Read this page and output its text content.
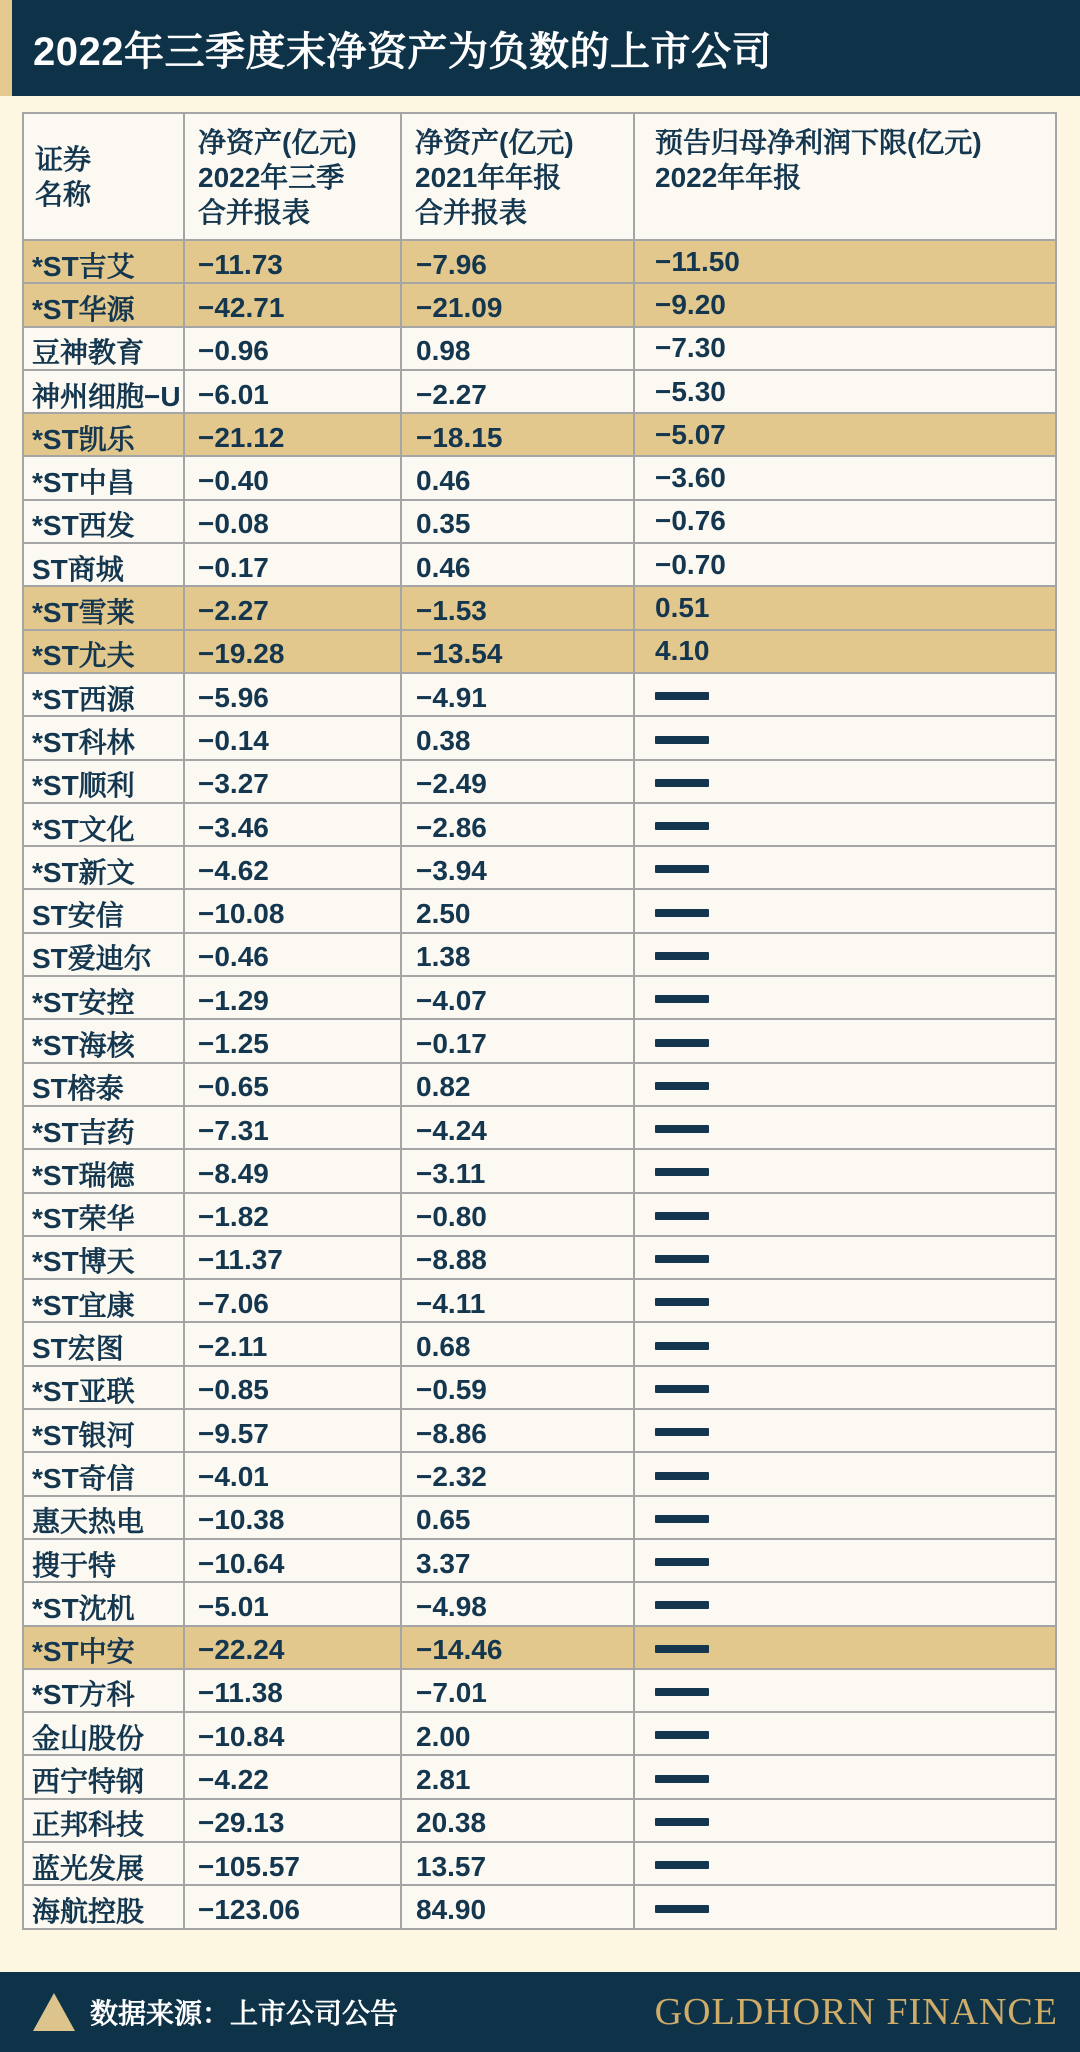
2022年三季度末净资产为负数的上市公司
证券
名称

净资产(亿元)
2022年三季
合并报表

净资产(亿元)
2021年年报
合并报表

预告归母净利润下限(亿元)
2022年年报

*ST吉艾	−11.73	−7.96	−11.50
*ST华源	−42.71	−21.09	−9.20
豆神教育	−0.96	0.98	−7.30
神州细胞−U	−6.01	−2.27	−5.30
*ST凯乐	−21.12	−18.15	−5.07
*ST中昌	−0.40	0.46	−3.60
*ST西发	−0.08	0.35	−0.76
ST商城	−0.17	0.46	−0.70
*ST雪莱	−2.27	−1.53	0.51
*ST尤夫	−19.28	−13.54	4.10
*ST西源	−5.96	−4.91	
*ST科林	−0.14	0.38	
*ST顺利	−3.27	−2.49	
*ST文化	−3.46	−2.86	
*ST新文	−4.62	−3.94	
ST安信	−10.08	2.50	
ST爱迪尔	−0.46	1.38	
*ST安控	−1.29	−4.07	
*ST海核	−1.25	−0.17	
ST榕泰	−0.65	0.82	
*ST吉药	−7.31	−4.24	
*ST瑞德	−8.49	−3.11	
*ST荣华	−1.82	−0.80	
*ST博天	−11.37	−8.88	
*ST宜康	−7.06	−4.11	
ST宏图	−2.11	0.68	
*ST亚联	−0.85	−0.59	
*ST银河	−9.57	−8.86	
*ST奇信	−4.01	−2.32	
惠天热电	−10.38	0.65	
搜于特	−10.64	3.37	
*ST沈机	−5.01	−4.98	
*ST中安	−22.24	−14.46	
*ST方科	−11.38	−7.01	
金山股份	−10.84	2.00	
西宁特钢	−4.22	2.81	
正邦科技	−29.13	20.38	
蓝光发展	−105.57	13.57	
海航控股	−123.06	84.90	
数据来源：上市公司公告	GOLDHORN FINANCE
